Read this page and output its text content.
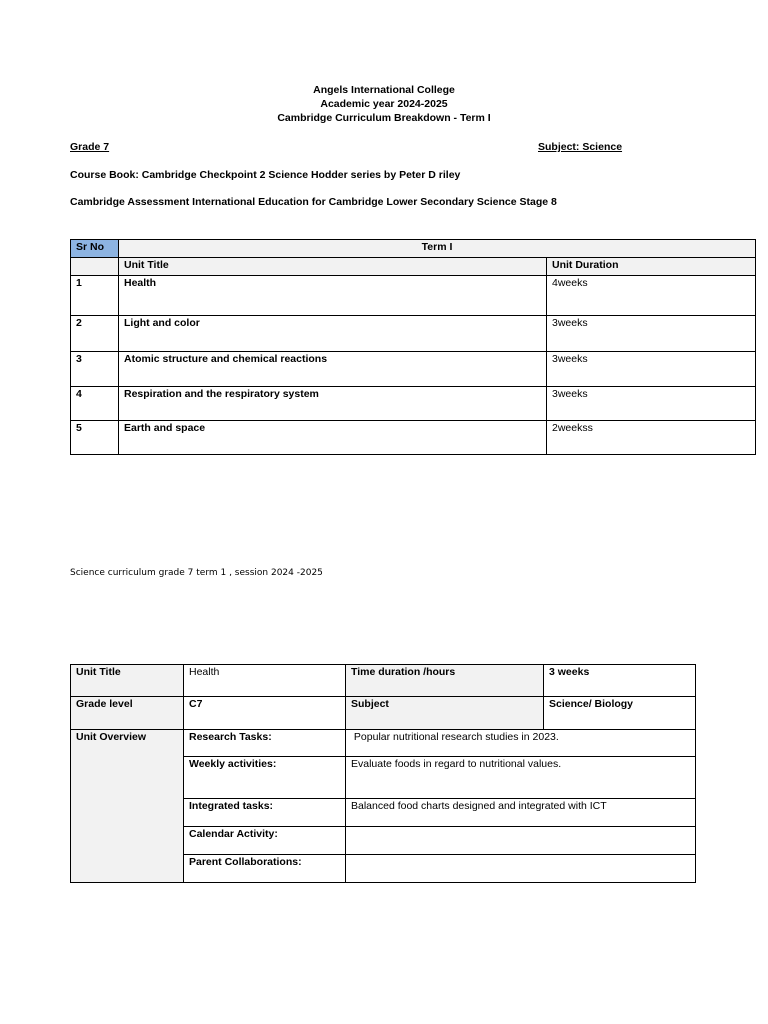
Angels International College
Academic year 2024-2025
Cambridge Curriculum Breakdown - Term I
Grade 7	Subject: Science
Course Book: Cambridge Checkpoint 2 Science Hodder series by Peter D riley
Cambridge Assessment International Education for Cambridge Lower Secondary Science Stage 8
Sr No	Term I	
	Unit Title	Unit Duration
1	Health	4weeks
2	Light and color	3weeks
3	Atomic structure and chemical reactions	3weeks
4	Respiration and the respiratory system	3weeks
5	Earth and space	2weekss
Science curriculum grade 7 term 1 , session 2024 -2025
Unit Title	Health	Time duration /hours	3 weeks
Grade level	C7	Subject	Science/ Biology
Unit Overview	Research Tasks:	Popular nutritional research studies in 2023.	
	Weekly activities:	Evaluate foods in regard to nutritional values.	
	Integrated tasks:	Balanced food charts designed and integrated with ICT	
	Calendar Activity:		
	Parent Collaborations:		
